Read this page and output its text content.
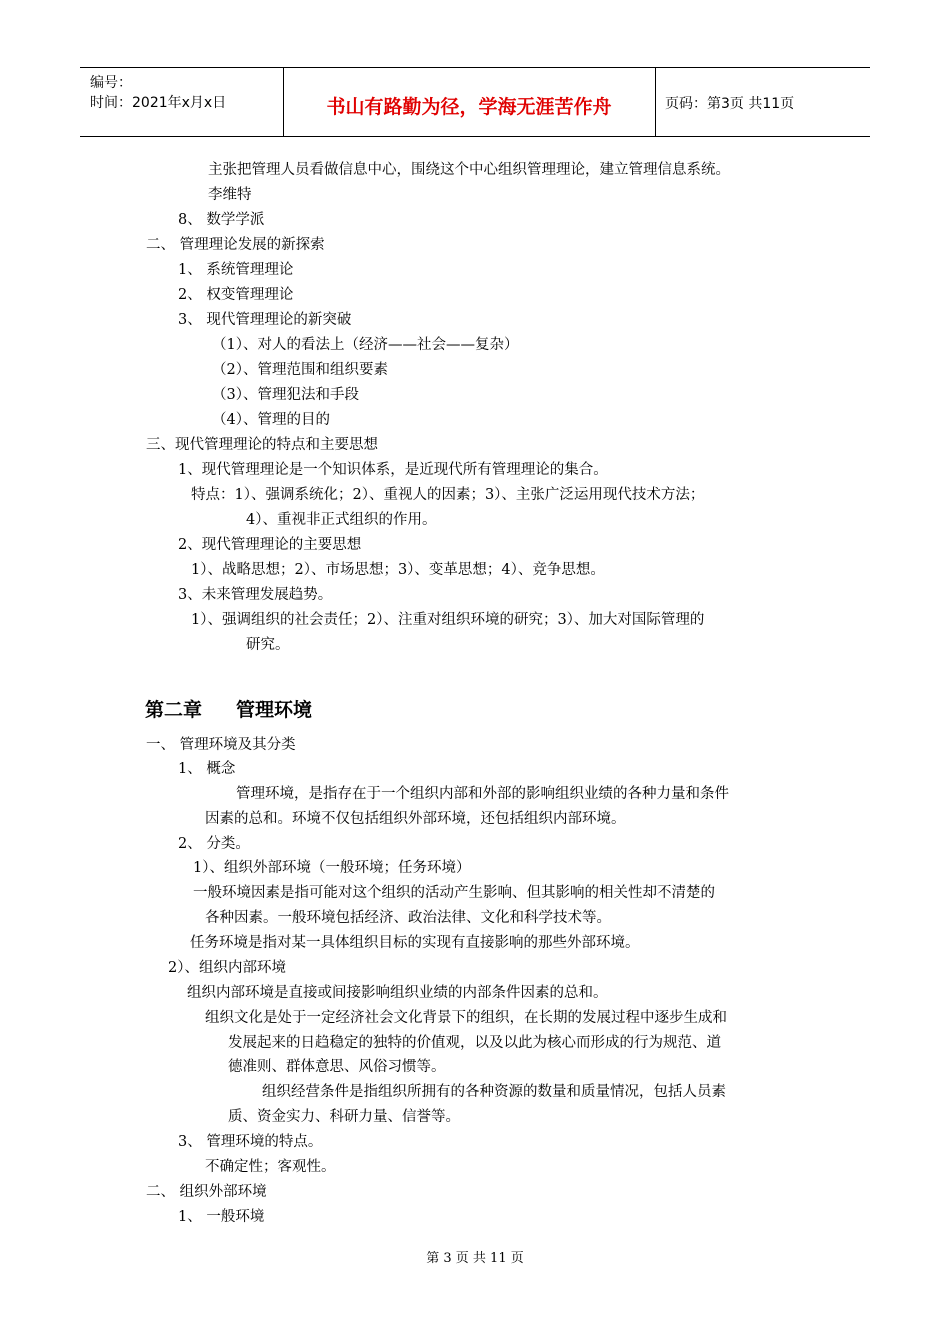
编号：
时间：2021年x月x日	书山有路勤为径，学海无涯苦作舟	页码：第3页 共11页
主张把管理人员看做信息中心，围绕这个中心组织管理理论，建立管理信息系统。
李维特
8、 数学学派
二、 管理理论发展的新探索
1、 系统管理理论
2、 权变管理理论
3、 现代管理理论的新突破
（1）、对人的看法上（经济——社会——复杂）
（2）、管理范围和组织要素
（3）、管理犯法和手段
（4）、管理的目的
三、现代管理理论的特点和主要思想
1、现代管理理论是一个知识体系，是近现代所有管理理论的集合。
特点：1）、强调系统化；2）、重视人的因素；3）、主张广泛运用现代技术方法；
4）、重视非正式组织的作用。
2、现代管理理论的主要思想
1）、战略思想；2）、市场思想；3）、变革思想；4）、竞争思想。
3、未来管理发展趋势。
1）、强调组织的社会责任；2）、注重对组织环境的研究；3）、加大对国际管理的
研究。
第二章 管理环境
一、 管理环境及其分类
1、 概念
管理环境，是指存在于一个组织内部和外部的影响组织业绩的各种力量和条件
因素的总和。环境不仅包括组织外部环境，还包括组织内部环境。
2、 分类。
1）、组织外部环境（一般环境；任务环境）
一般环境因素是指可能对这个组织的活动产生影响、但其影响的相关性却不清楚的
各种因素。一般环境包括经济、政治法律、文化和科学技术等。
任务环境是指对某一具体组织目标的实现有直接影响的那些外部环境。
2）、组织内部环境
组织内部环境是直接或间接影响组织业绩的内部条件因素的总和。
组织文化是处于一定经济社会文化背景下的组织，在长期的发展过程中逐步生成和
发展起来的日趋稳定的独特的价值观，以及以此为核心而形成的行为规范、道
德准则、群体意思、风俗习惯等。
组织经营条件是指组织所拥有的各种资源的数量和质量情况，包括人员素
质、资金实力、科研力量、信誉等。
3、 管理环境的特点。
不确定性；客观性。
二、 组织外部环境
1、 一般环境
第 3 页 共 11 页
